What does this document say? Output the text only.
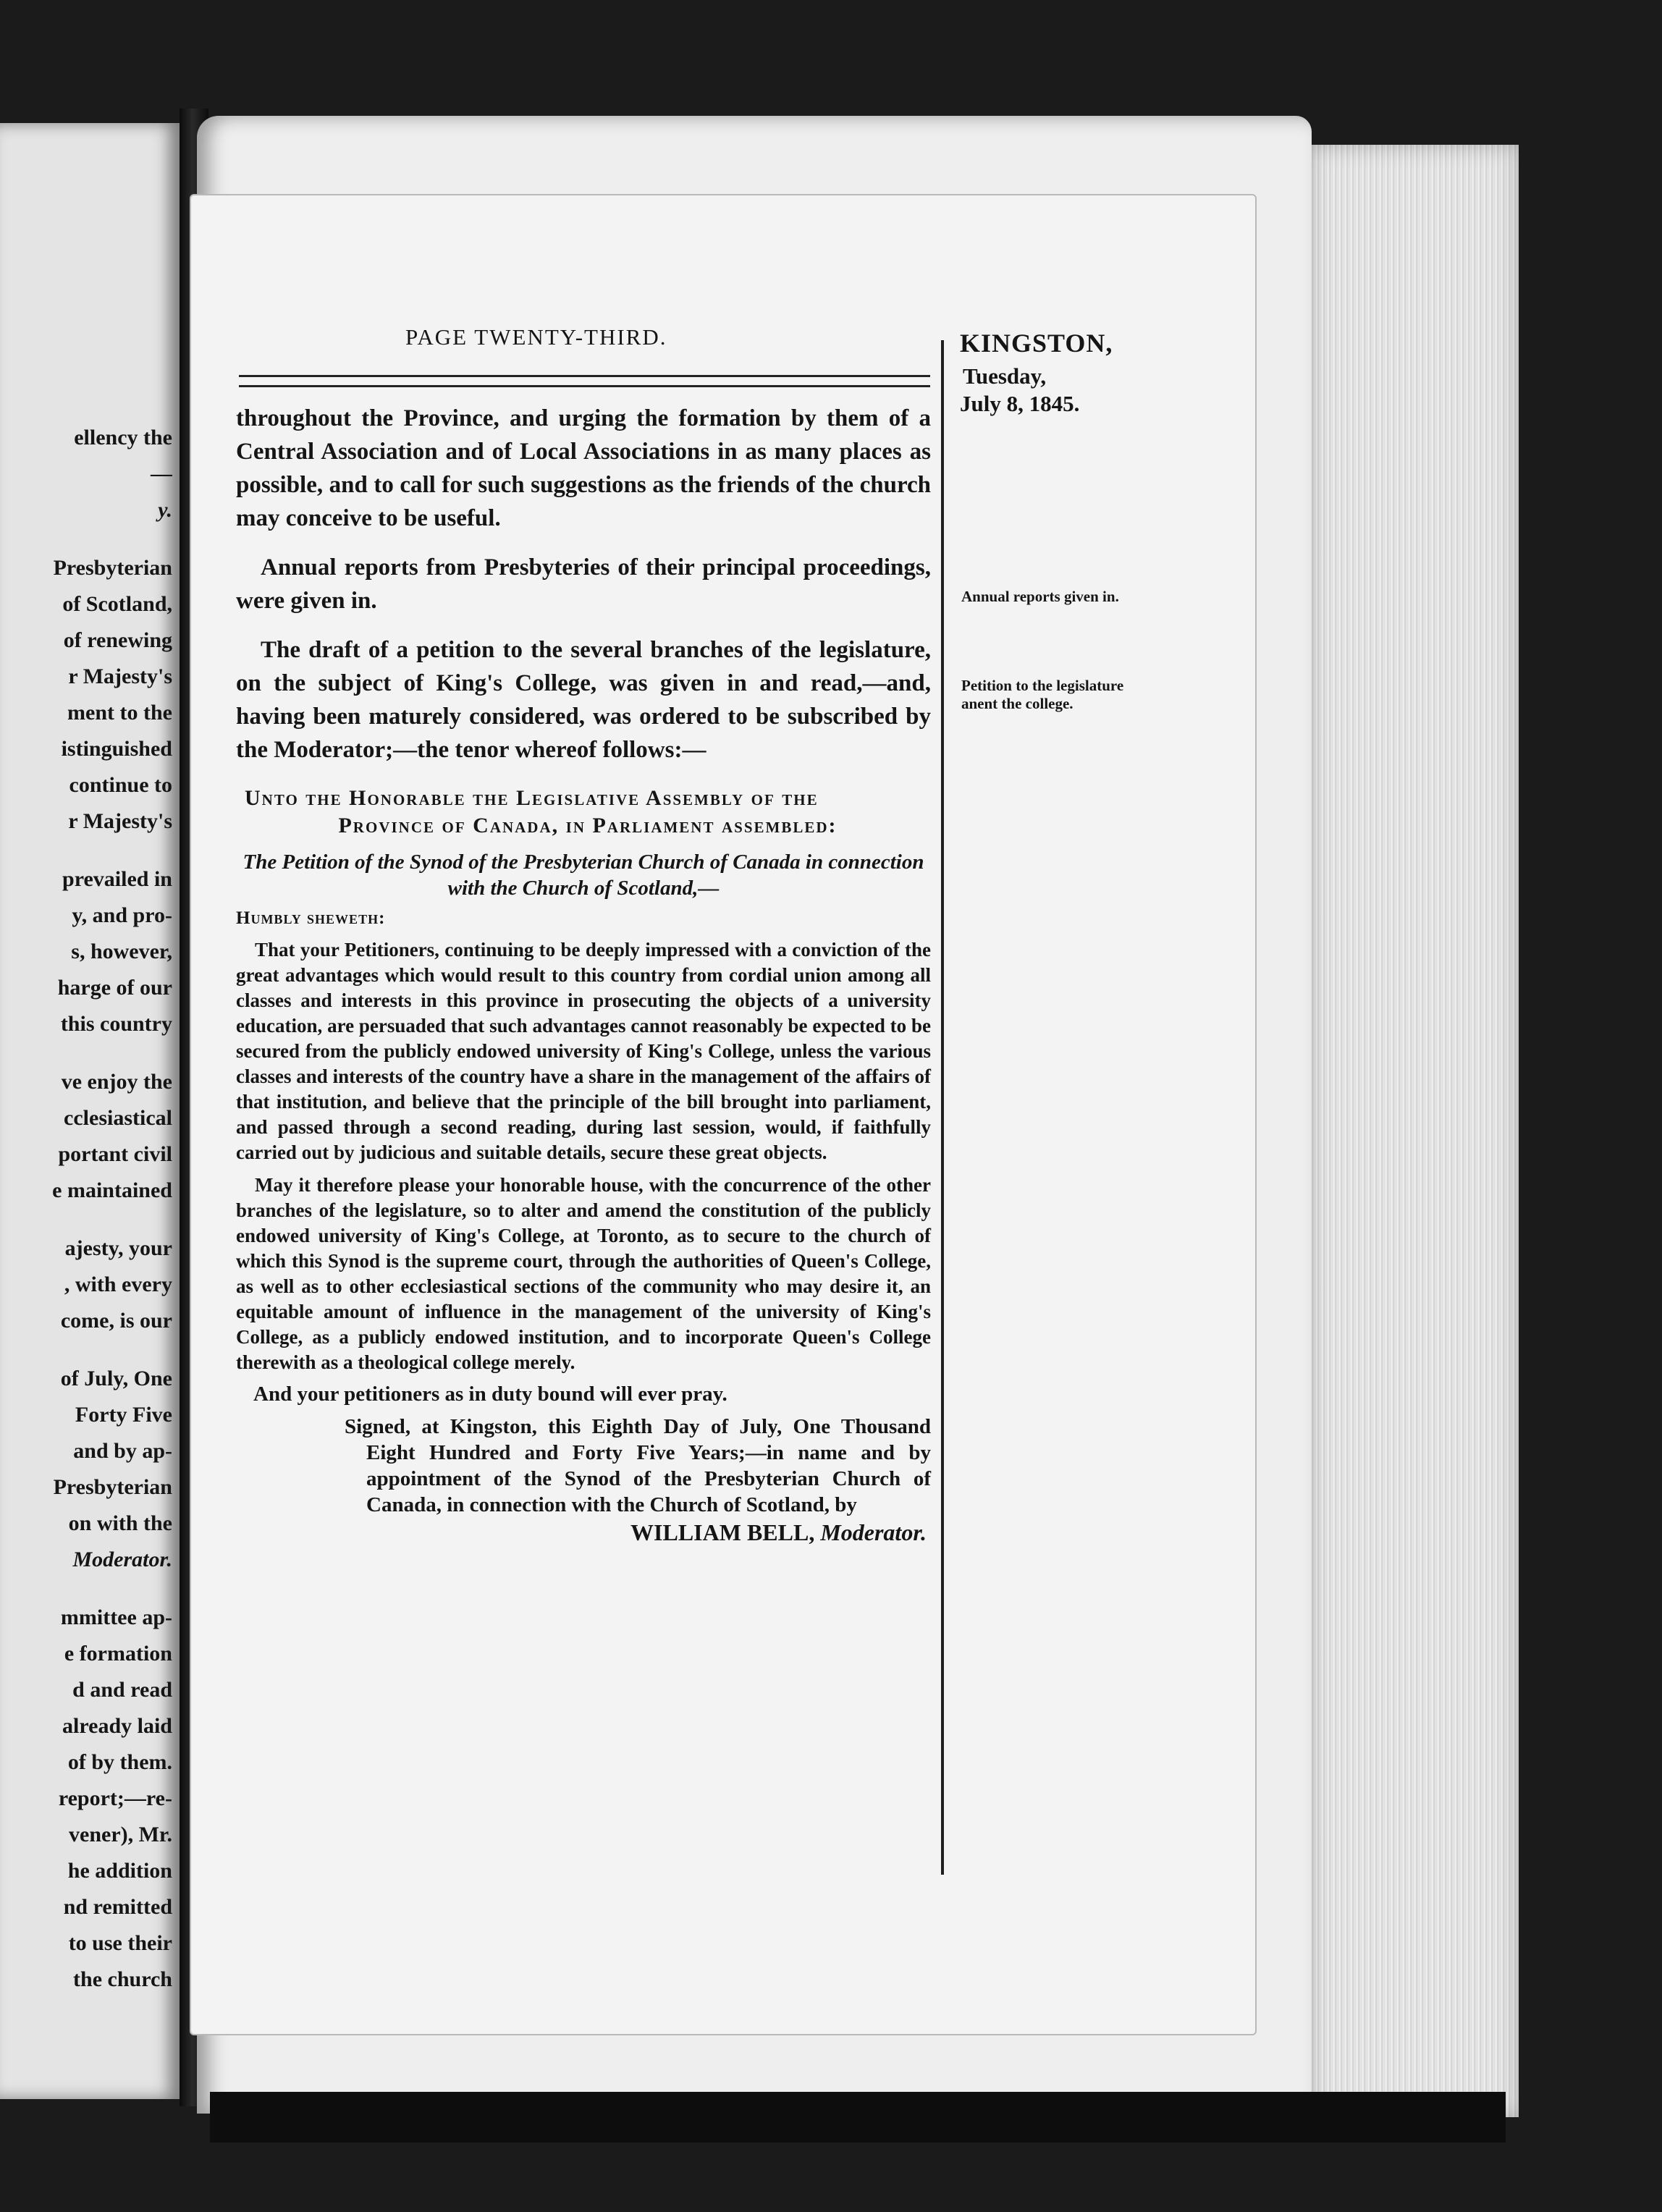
ellency the
—
y.
Presbyterian
of Scotland,
of renewing
r Majesty's
ment to the
istinguished
continue to
r Majesty's
prevailed in
y, and pro-
s, however,
harge of our
this country
ve enjoy the
cclesiastical
portant civil
e maintained
ajesty, your
, with every
come, is our
of July, One
Forty Five
and by ap-
Presbyterian
on with the
Moderator.
mmittee ap-
e formation
d and read
already laid
of by them.
report;—re-
vener), Mr.
he addition
nd remitted
to use their
the church
PAGE TWENTY-THIRD.	KINGSTON,
Tuesday,
July 8, 1845.
Annual reports given in.
Petition to the legislature anent the college.

throughout the Province, and urging the formation by them of a Central Association and of Local Associations in as many places as possible, and to call for such suggestions as the friends of the church may conceive to be useful.

Annual reports from Presbyteries of their principal proceedings, were given in.

The draft of a petition to the several branches of the legislature, on the subject of King's College, was given in and read,—and, having been maturely considered, was ordered to be subscribed by the Moderator;—the tenor whereof follows:—

Unto the Honorable the Legislative Assembly of the
Province of Canada, in Parliament assembled:
The Petition of the Synod of the Presbyterian Church of Canada in connection with the Church of Scotland,—
Humbly sheweth:

That your Petitioners, continuing to be deeply impressed with a conviction of the great advantages which would result to this country from cordial union among all classes and interests in this province in prosecuting the objects of a university education, are persuaded that such advantages cannot reasonably be expected to be secured from the publicly endowed university of King's College, unless the various classes and interests of the country have a share in the management of the affairs of that institution, and believe that the principle of the bill brought into parliament, and passed through a second reading, during last session, would, if faithfully carried out by judicious and suitable details, secure these great objects.

May it therefore please your honorable house, with the concurrence of the other branches of the legislature, so to alter and amend the constitution of the publicly endowed university of King's College, at Toronto, as to secure to the church of which this Synod is the supreme court, through the authorities of Queen's College, as well as to other ecclesiastical sections of the community who may desire it, an equitable amount of influence in the management of the university of King's College, as a publicly endowed institution, and to incorporate Queen's College therewith as a theological college merely.

And your petitioners as in duty bound will ever pray.
Signed, at Kingston, this Eighth Day of July, One Thousand Eight Hundred and Forty Five Years;—in name and by appointment of the Synod of the Presbyterian Church of Canada, in connection with the Church of Scotland, by
WILLIAM BELL, Moderator.
